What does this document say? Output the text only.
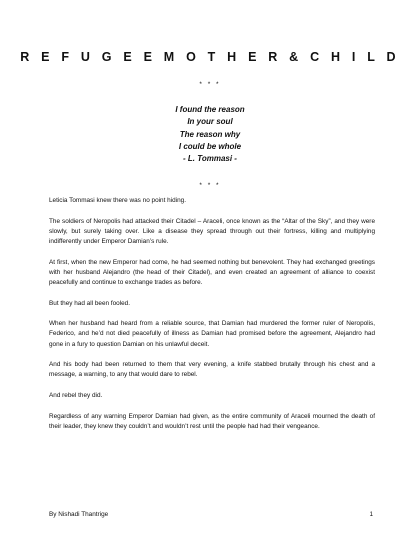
R E F U G E E M O T H E R & C H I L D
* * *
I found the reason
In your soul
The reason why
I could be whole
- L. Tommasi -
* * *

Leticia Tommasi knew there was no point hiding.

The soldiers of Neropolis had attacked their Citadel – Araceli, once known as the “Altar of the Sky”, and they were slowly, but surely taking over. Like a disease they spread through out their fortress, killing and multiplying indifferently under Emperor Damian’s rule.

At first, when the new Emperor had come, he had seemed nothing but benevolent. They had exchanged greetings with her husband Alejandro (the head of their Citadel), and even created an agreement of alliance to coexist peacefully and continue to exchange trades as before.

But they had all been fooled.

When her husband had heard from a reliable source, that Damian had murdered the former ruler of Neropolis, Federico, and he’d not died peacefully of illness as Damian had promised before the agreement, Alejandro had gone in a fury to question Damian on his unlawful deceit.

And his body had been returned to them that very evening, a knife stabbed brutally through his chest and a message, a warning, to any that would dare to rebel.

And rebel they did.

Regardless of any warning Emperor Damian had given, as the entire community of Araceli mourned the death of their leader, they knew they couldn’t and wouldn’t rest until the people had had their vengeance.

By Nishadi Thantrige	1
